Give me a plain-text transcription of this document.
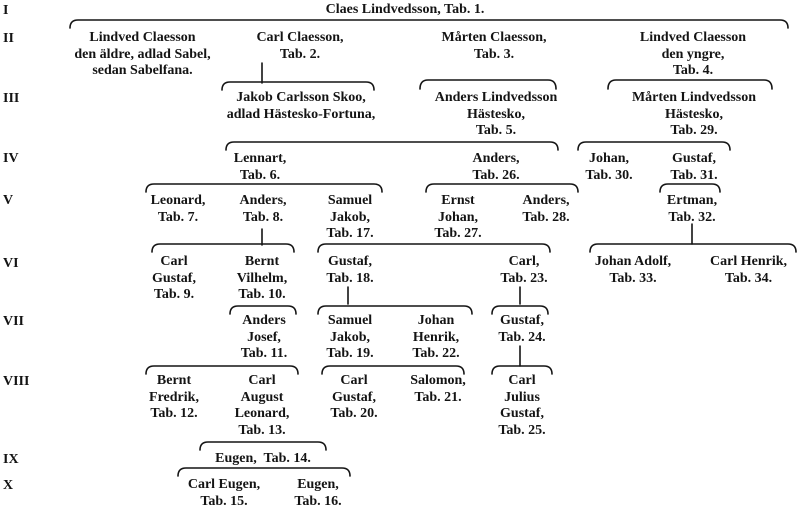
I
II
III
IV
V
VI
VII
VIII
IX
X
Claes Lindvedsson, Tab. 1.
Lindved Claesson
den äldre, adlad Sabel,
sedan Sabelfana.
Carl Claesson,
Tab. 2.
Mårten Claesson,
Tab. 3.
Lindved Claesson
den yngre,
Tab. 4.
Jakob Carlsson Skoo,
adlad Hästesko-Fortuna,
Anders Lindvedsson
Hästesko,
Tab. 5.
Mårten Lindvedsson
Hästesko,
Tab. 29.
Lennart,
Tab. 6.
Anders,
Tab. 26.
Johan,
Tab. 30.
Gustaf,
Tab. 31.
Leonard,
Tab. 7.
Anders,
Tab. 8.
Samuel
Jakob,
Tab. 17.
Ernst
Johan,
Tab. 27.
Anders,
Tab. 28.
Ertman,
Tab. 32.
Carl
Gustaf,
Tab. 9.
Bernt
Vilhelm,
Tab. 10.
Gustaf,
Tab. 18.
Carl,
Tab. 23.
Johan Adolf,
Tab. 33.
Carl Henrik,
Tab. 34.
Anders
Josef,
Tab. 11.
Samuel
Jakob,
Tab. 19.
Johan
Henrik,
Tab. 22.
Gustaf,
Tab. 24.
Bernt
Fredrik,
Tab. 12.
Carl
August
Leonard,
Tab. 13.
Carl
Gustaf,
Tab. 20.
Salomon,
Tab. 21.
Carl
Julius
Gustaf,
Tab. 25.
Eugen,  Tab. 14.
Carl Eugen,
Tab. 15.
Eugen,
Tab. 16.
